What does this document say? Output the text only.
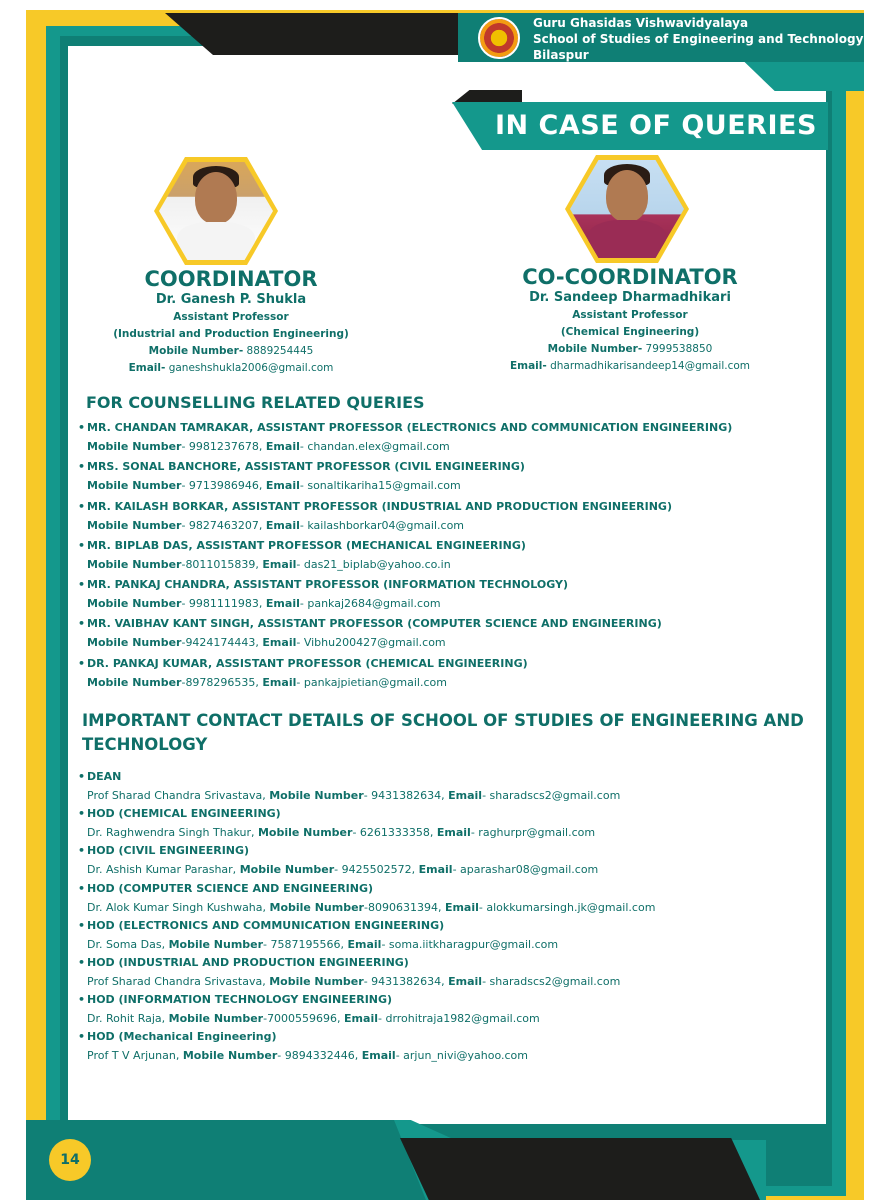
Guru Ghasidas Vishwavidyalaya
School of Studies of Engineering and Technology
Bilaspur
IN CASE OF QUERIES
COORDINATOR
Dr. Ganesh P. Shukla
Assistant Professor
(Industrial and Production Engineering)
Mobile Number- 8889254445
Email- ganeshshukla2006@gmail.com
CO-COORDINATOR
Dr. Sandeep Dharmadhikari
Assistant Professor
(Chemical Engineering)
Mobile Number- 7999538850
Email- dharmadhikarisandeep14@gmail.com
FOR COUNSELLING RELATED QUERIES
• MR. CHANDAN TAMRAKAR, ASSISTANT PROFESSOR (ELECTRONICS AND COMMUNICATION ENGINEERING)
Mobile Number- 9981237678, Email- chandan.elex@gmail.com
• MRS. SONAL BANCHORE, ASSISTANT PROFESSOR (CIVIL ENGINEERING)
Mobile Number- 9713986946, Email- sonaltikariha15@gmail.com
• MR. KAILASH BORKAR, ASSISTANT PROFESSOR (INDUSTRIAL AND PRODUCTION ENGINEERING)
Mobile Number- 9827463207, Email- kailashborkar04@gmail.com
• MR. BIPLAB DAS, ASSISTANT PROFESSOR (MECHANICAL ENGINEERING)
Mobile Number-8011015839, Email- das21_biplab@yahoo.co.in
• MR. PANKAJ CHANDRA, ASSISTANT PROFESSOR (INFORMATION TECHNOLOGY)
Mobile Number- 9981111983, Email- pankaj2684@gmail.com
• MR. VAIBHAV KANT SINGH, ASSISTANT PROFESSOR (COMPUTER SCIENCE AND ENGINEERING)
Mobile Number-9424174443, Email- Vibhu200427@gmail.com
• DR. PANKAJ KUMAR, ASSISTANT PROFESSOR (CHEMICAL ENGINEERING)
Mobile Number-8978296535, Email- pankajpietian@gmail.com
IMPORTANT CONTACT DETAILS OF SCHOOL OF STUDIES OF ENGINEERING AND TECHNOLOGY
• DEAN
Prof Sharad Chandra Srivastava, Mobile Number- 9431382634, Email- sharadscs2@gmail.com
• HOD (CHEMICAL ENGINEERING)
Dr. Raghwendra Singh Thakur, Mobile Number- 6261333358, Email- raghurpr@gmail.com
• HOD (CIVIL ENGINEERING)
Dr. Ashish Kumar Parashar, Mobile Number- 9425502572, Email- aparashar08@gmail.com
• HOD (COMPUTER SCIENCE AND ENGINEERING)
Dr. Alok Kumar Singh Kushwaha, Mobile Number-8090631394, Email- alokkumarsingh.jk@gmail.com
• HOD (ELECTRONICS AND COMMUNICATION ENGINEERING)
Dr. Soma Das, Mobile Number- 7587195566, Email- soma.iitkharagpur@gmail.com
• HOD (INDUSTRIAL AND PRODUCTION ENGINEERING)
Prof Sharad Chandra Srivastava, Mobile Number- 9431382634, Email- sharadscs2@gmail.com
• HOD (INFORMATION TECHNOLOGY ENGINEERING)
Dr. Rohit Raja, Mobile Number-7000559696, Email- drrohitraja1982@gmail.com
• HOD (Mechanical Engineering)
Prof T V Arjunan, Mobile Number- 9894332446, Email- arjun_nivi@yahoo.com
14
